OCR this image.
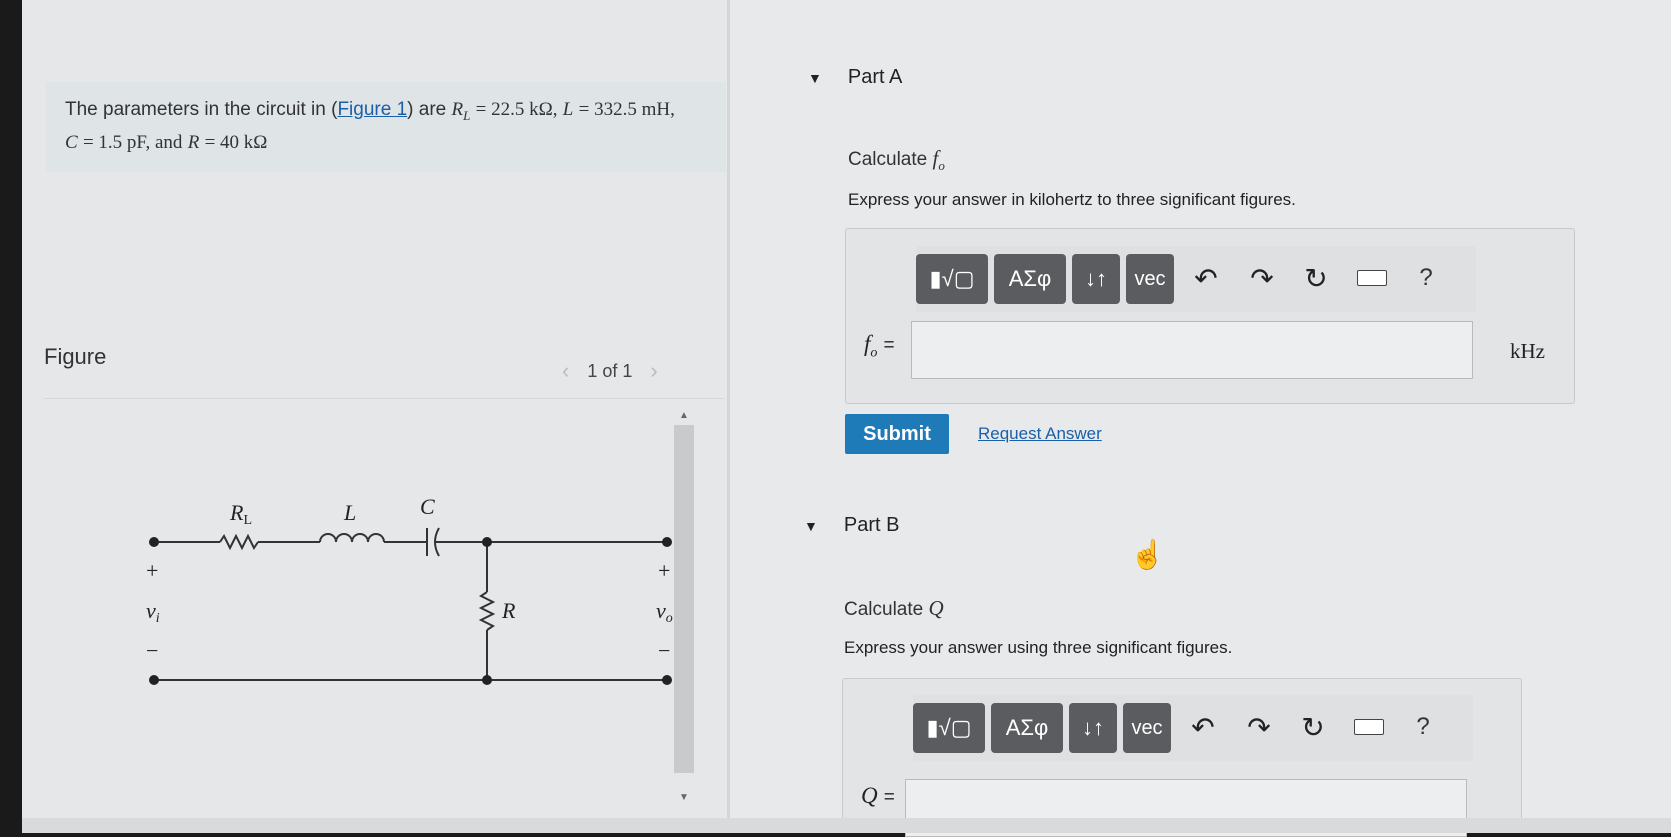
The parameters in the circuit in (Figure 1) are $R_L = 22.5$ kΩ, L = 332.5 mH, C = 1.5 pF, and R = 40 kΩ
Figure
‹ 1 of 1 ›
RL	L	C
R
+
vi
−
+
vo
−
▲
▼
▼ Part A
Calculate $f_o$
Express your answer in kilohertz to three significant figures.
▮√▢	ΑΣφ	↓↑	vec	↶ ↷ ↻	?
$f_o$ =	kHz
Submit	Request Answer
▼ Part B
☝
Calculate Q
Express your answer using three significant figures.
▮√▢	ΑΣφ	↓↑	vec	↶ ↷ ↻	?
Q =
